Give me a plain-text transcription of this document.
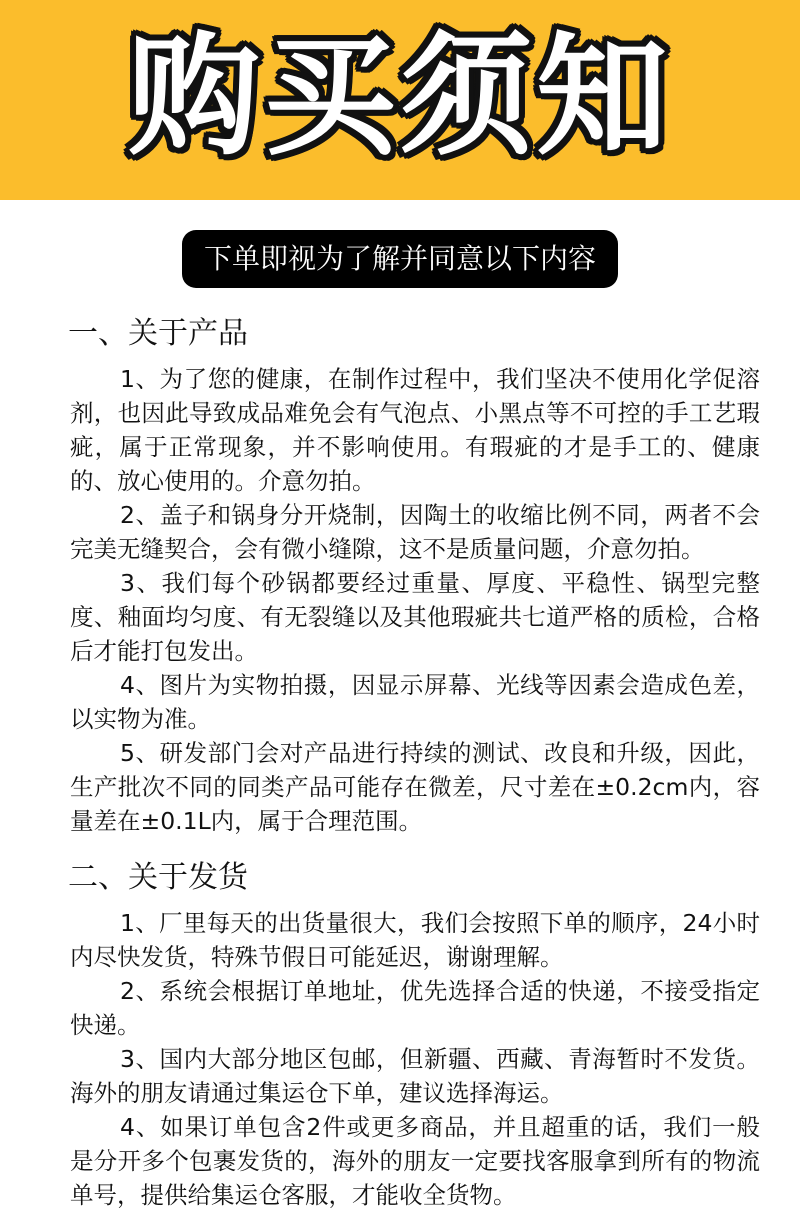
购买须知
下单即视为了解并同意以下内容
一、关于产品

1、为了您的健康，在制作过程中，我们坚决不使用化学促溶剂，也因此导致成品难免会有气泡点、小黑点等不可控的手工艺瑕疵，属于正常现象，并不影响使用。有瑕疵的才是手工的、健康的、放心使用的。介意勿拍。

2、盖子和锅身分开烧制，因陶土的收缩比例不同，两者不会完美无缝契合，会有微小缝隙，这不是质量问题，介意勿拍。

3、我们每个砂锅都要经过重量、厚度、平稳性、锅型完整度、釉面均匀度、有无裂缝以及其他瑕疵共七道严格的质检，合格后才能打包发出。

4、图片为实物拍摄，因显示屏幕、光线等因素会造成色差，以实物为准。

5、研发部门会对产品进行持续的测试、改良和升级，因此，生产批次不同的同类产品可能存在微差，尺寸差在±0.2cm内，容量差在±0.1L内，属于合理范围。

二、关于发货

1、厂里每天的出货量很大，我们会按照下单的顺序，24小时内尽快发货，特殊节假日可能延迟，谢谢理解。

2、系统会根据订单地址，优先选择合适的快递，不接受指定快递。

3、国内大部分地区包邮，但新疆、西藏、青海暂时不发货。海外的朋友请通过集运仓下单，建议选择海运。

4、如果订单包含2件或更多商品，并且超重的话，我们一般是分开多个包裹发货的，海外的朋友一定要找客服拿到所有的物流单号，提供给集运仓客服，才能收全货物。
